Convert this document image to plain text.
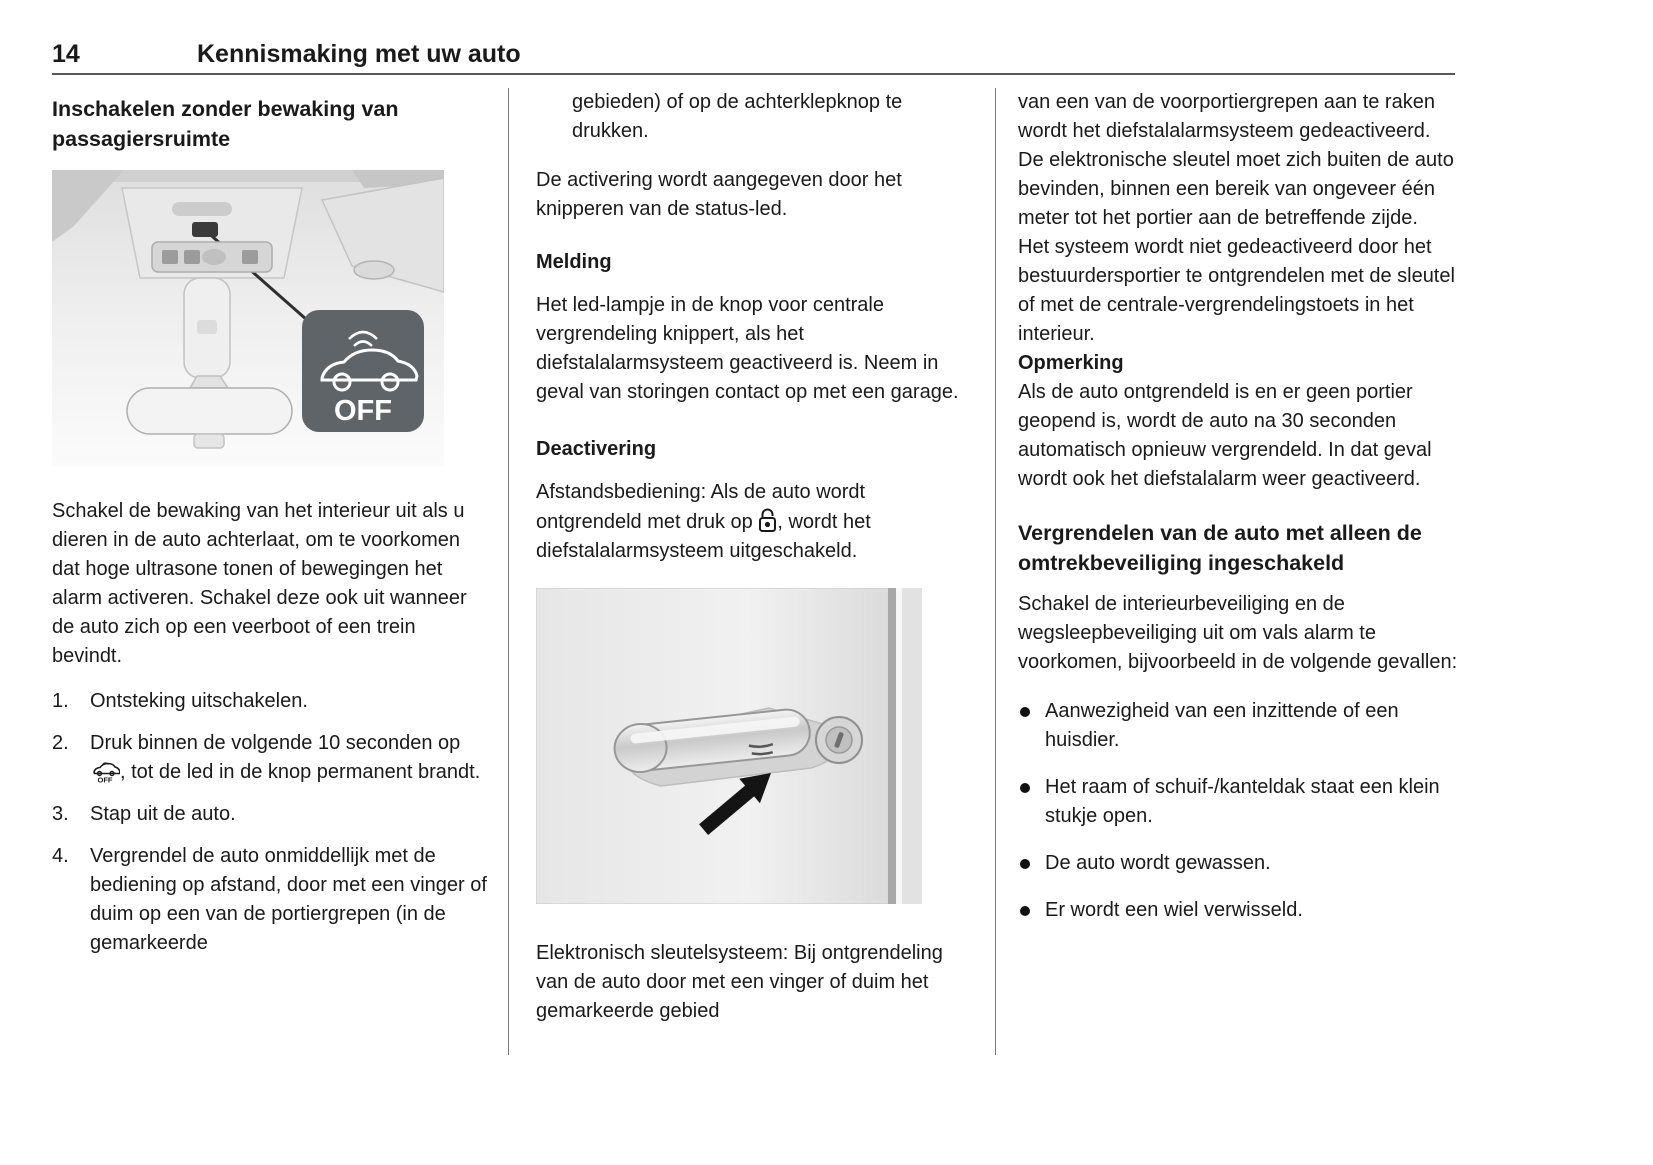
14	Kennismaking met uw auto
Inschakelen zonder bewaking van passagiersruimte
OFF

Schakel de bewaking van het interieur uit als u dieren in de auto achterlaat, om te voorkomen dat hoge ultrasone tonen of bewegingen het alarm activeren. Schakel deze ook uit wanneer de auto zich op een veerboot of een trein bevindt.

1.	Ontsteking uitschakelen.
2.	Druk binnen de volgende 10 seconden op
OFF , tot de led in de knop permanent brandt.
3.	Stap uit de auto.
4.	Vergrendel de auto onmiddellijk met de bediening op afstand, door met een vinger of duim op een van de portiergrepen (in de gemarkeerde

gebieden) of op de achterklepknop te drukken.

De activering wordt aangegeven door het knipperen van de status-led.

Melding

Het led-lampje in de knop voor centrale vergrendeling knippert, als het diefstalalarmsysteem geactiveerd is. Neem in geval van storingen contact op met een garage.

Deactivering

Afstandsbediening: Als de auto wordt ontgrendeld met druk op , wordt het diefstalalarmsysteem uitgeschakeld.

Elektronisch sleutelsysteem: Bij ontgrendeling van de auto door met een vinger of duim het gemarkeerde gebied

van een van de voorportiergrepen aan te raken wordt het diefstalalarmsysteem gedeactiveerd.

De elektronische sleutel moet zich buiten de auto bevinden, binnen een bereik van ongeveer één meter tot het portier aan de betreffende zijde.

Het systeem wordt niet gedeactiveerd door het bestuurdersportier te ontgrendelen met de sleutel of met de centrale-vergrendelingstoets in het interieur.

Opmerking

Als de auto ontgrendeld is en er geen portier geopend is, wordt de auto na 30 seconden automatisch opnieuw vergrendeld. In dat geval wordt ook het diefstalalarm weer geactiveerd.

Vergrendelen van de auto met alleen de omtrekbeveiliging ingeschakeld

Schakel de interieurbeveiliging en de wegsleepbeveiliging uit om vals alarm te voorkomen, bijvoorbeeld in de volgende gevallen:

Aanwezigheid van een inzittende of een huisdier.
Het raam of schuif-/kanteldak staat een klein stukje open.
De auto wordt gewassen.
Er wordt een wiel verwisseld.
